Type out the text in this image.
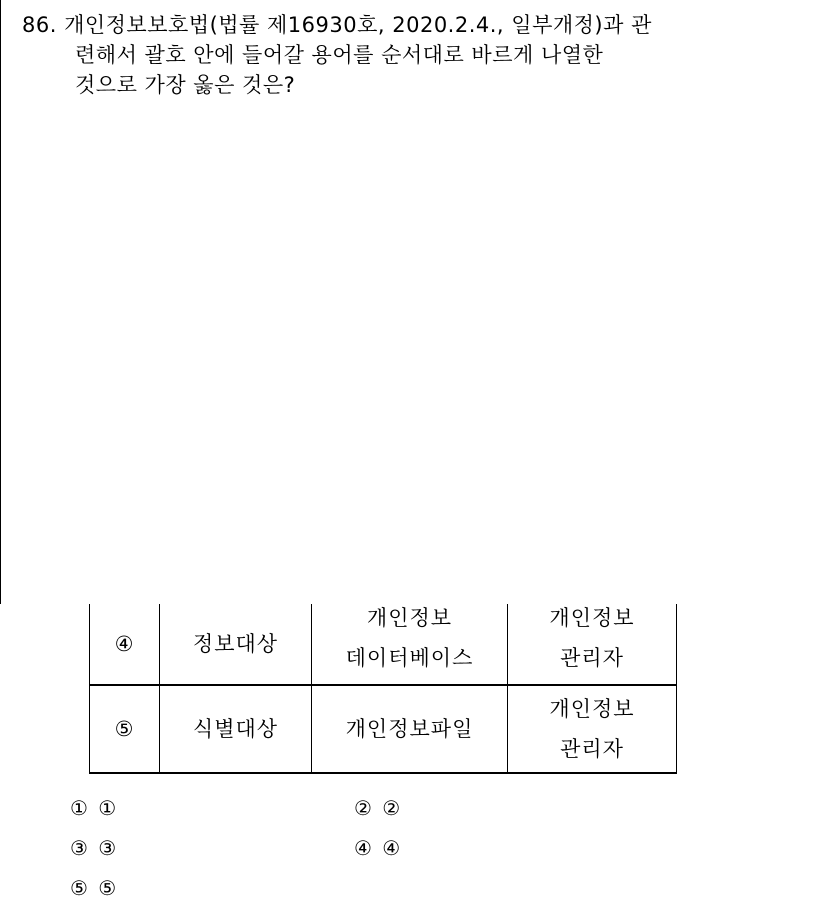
86. 개인정보보호법(법률 제16930호, 2020.2.4., 일부개정)과 관

련해서 괄호 안에 들어갈 용어를 순서대로 바르게 나열한

것으로 가장 옳은 것은?

④	정보대상	개인정보
데이터베이스	개인정보
관리자

⑤	식별대상	개인정보파일	개인정보
관리자
① ①	② ②
③ ③	④ ④
⑤ ⑤
